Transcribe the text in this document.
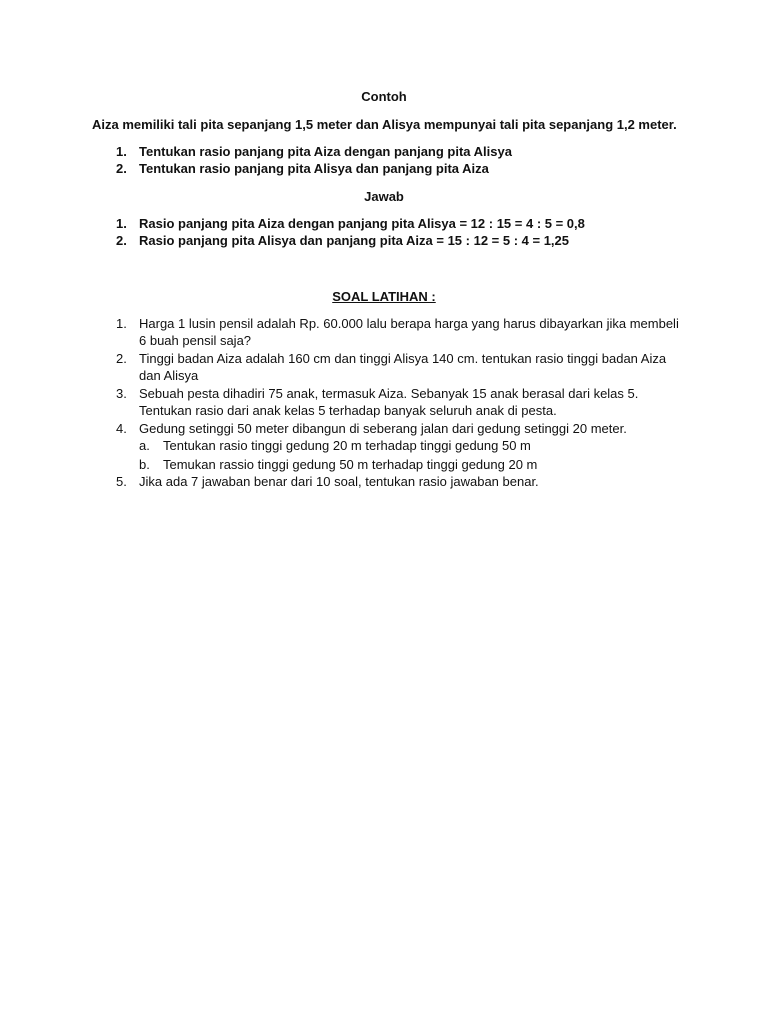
Contoh
Aiza memiliki tali pita sepanjang 1,5 meter dan Alisya mempunyai tali pita sepanjang 1,2 meter.
1. Tentukan rasio panjang pita Aiza dengan panjang pita Alisya
2. Tentukan rasio panjang pita Alisya dan panjang pita Aiza
Jawab
1. Rasio panjang pita Aiza dengan panjang pita Alisya = 12 : 15 = 4 : 5 = 0,8
2. Rasio panjang pita Alisya dan panjang pita Aiza = 15 : 12 = 5 : 4 = 1,25
SOAL LATIHAN :
1. Harga 1 lusin pensil adalah Rp. 60.000 lalu berapa harga yang harus dibayarkan jika membeli
6 buah pensil saja?
2. Tinggi badan Aiza adalah 160 cm dan tinggi Alisya 140 cm. tentukan rasio tinggi badan Aiza
dan Alisya
3. Sebuah pesta dihadiri 75 anak, termasuk Aiza. Sebanyak 15 anak berasal dari kelas 5.
Tentukan rasio dari anak kelas 5 terhadap banyak seluruh anak di pesta.
4. Gedung setinggi 50 meter dibangun di seberang jalan dari gedung setinggi 20 meter.
a. Tentukan rasio tinggi gedung 20 m terhadap tinggi gedung 50 m
b. Temukan rassio tinggi gedung 50 m terhadap tinggi gedung 20 m
5. Jika ada 7 jawaban benar dari 10 soal, tentukan rasio jawaban benar.
